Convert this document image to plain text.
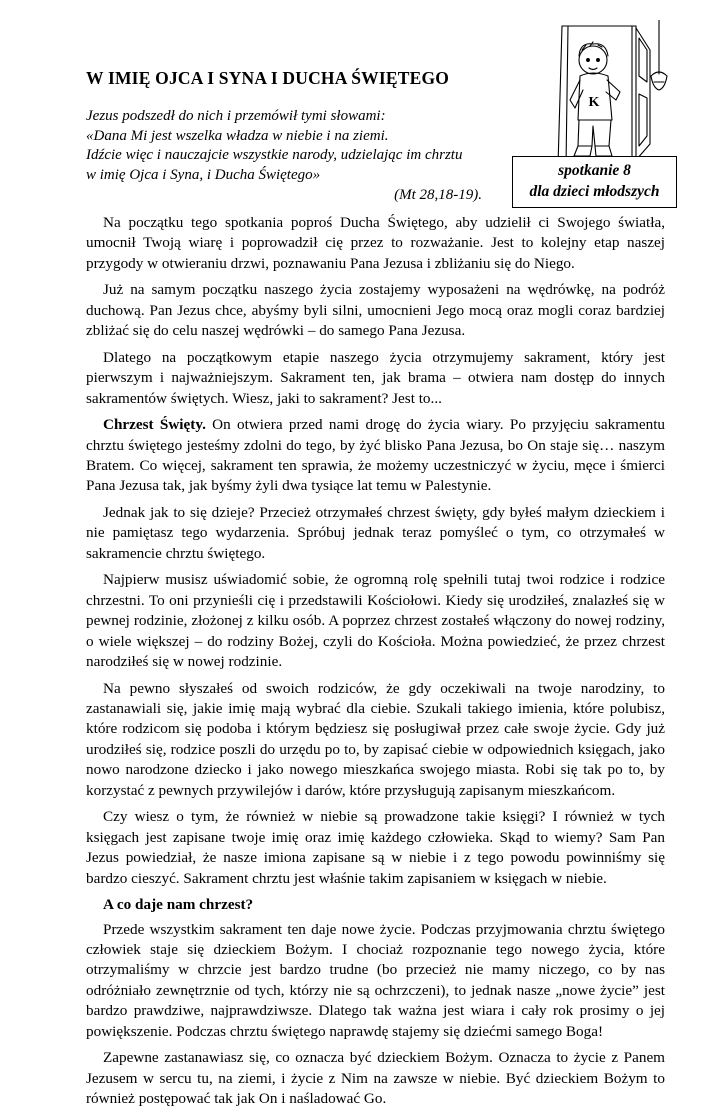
K
W IMIĘ OJCA I SYNA I DUCHA ŚWIĘTEGO
Jezus podszedł do nich i przemówił tymi słowami:
«Dana Mi jest wszelka władza w niebie i na ziemi.
Idźcie więc i nauczajcie wszystkie narody, udzielając im chrztu
w imię Ojca i Syna, i Ducha Świętego»
(Mt 28,18-19).
spotkanie 8
dla dzieci młodszych

Na początku tego spotkania poproś Ducha Świętego, aby udzielił ci Swojego światła, umocnił Twoją wiarę i poprowadził cię przez to rozważanie. Jest to kolejny etap naszej przygody w otwieraniu drzwi, poznawaniu Pana Jezusa i zbliżaniu się do Niego.

Już na samym początku naszego życia zostajemy wyposażeni na wędrówkę, na podróż duchową. Pan Jezus chce, abyśmy byli silni, umocnieni Jego mocą oraz mogli coraz bardziej zbliżać się do celu naszej wędrówki – do samego Pana Jezusa.

Dlatego na początkowym etapie naszego życia otrzymujemy sakrament, który jest pierwszym i najważniejszym. Sakrament ten, jak brama – otwiera nam dostęp do innych sakramentów świętych. Wiesz, jaki to sakrament? Jest to...

Chrzest Święty. On otwiera przed nami drogę do życia wiary. Po przyjęciu sakramentu chrztu świętego jesteśmy zdolni do tego, by żyć blisko Pana Jezusa, bo On staje się… naszym Bratem. Co więcej, sakrament ten sprawia, że możemy uczestniczyć w życiu, męce i śmierci Pana Jezusa tak, jak byśmy żyli dwa tysiące lat temu w Palestynie.

Jednak jak to się dzieje? Przecież otrzymałeś chrzest święty, gdy byłeś małym dzieckiem i nie pamiętasz tego wydarzenia. Spróbuj jednak teraz pomyśleć o tym, co otrzymałeś w sakramencie chrztu świętego.

Najpierw musisz uświadomić sobie, że ogromną rolę spełnili tutaj twoi rodzice i rodzice chrzestni. To oni przynieśli cię i przedstawili Kościołowi. Kiedy się urodziłeś, znalazłeś się w pewnej rodzinie, złożonej z kilku osób. A poprzez chrzest zostałeś włączony do nowej rodziny, o wiele większej – do rodziny Bożej, czyli do Kościoła. Można powiedzieć, że przez chrzest narodziłeś się w nowej rodzinie.

Na pewno słyszałeś od swoich rodziców, że gdy oczekiwali na twoje narodziny, to zastanawiali się, jakie imię mają wybrać dla ciebie. Szukali takiego imienia, które polubisz, które rodzicom się podoba i którym będziesz się posługiwał przez całe swoje życie. Gdy już urodziłeś się, rodzice poszli do urzędu po to, by zapisać ciebie w odpowiednich księgach, jako nowo narodzone dziecko i jako nowego mieszkańca swojego miasta. Robi się tak po to, by korzystać z pewnych przywilejów i darów, które przysługują zapisanym mieszkańcom.

Czy wiesz o tym, że również w niebie są prowadzone takie księgi? I również w tych księgach jest zapisane twoje imię oraz imię każdego człowieka. Skąd to wiemy? Sam Pan Jezus powiedział, że nasze imiona zapisane są w niebie i z tego powodu powinniśmy się bardzo cieszyć. Sakrament chrztu jest właśnie takim zapisaniem w księgach w niebie.

A co daje nam chrzest?

Przede wszystkim sakrament ten daje nowe życie. Podczas przyjmowania chrztu świętego człowiek staje się dzieckiem Bożym. I chociaż rozpoznanie tego nowego życia, które otrzymaliśmy w chrzcie jest bardzo trudne (bo przecież nie mamy niczego, co by nas odróżniało zewnętrznie od tych, którzy nie są ochrzczeni), to jednak nasze „nowe życie” jest bardzo prawdziwe, najprawdziwsze. Dlatego tak ważna jest wiara i cały rok prosimy o jej powiększenie. Podczas chrztu świętego naprawdę stajemy się dziećmi samego Boga!

Zapewne zastanawiasz się, co oznacza być dzieckiem Bożym. Oznacza to życie z Panem Jezusem w sercu tu, na ziemi, i życie z Nim na zawsze w niebie. Być dzieckiem Bożym to również postępować tak jak On i naśladować Go.
